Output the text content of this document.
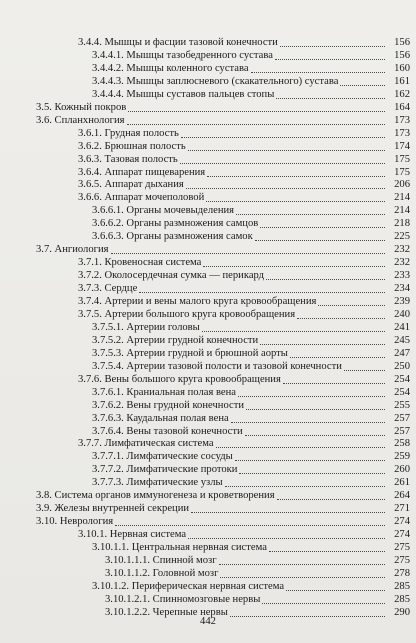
3.4.4. Мышцы и фасции тазовой конечности	156
3.4.4.1. Мышцы тазобедренного сустава	156
3.4.4.2. Мышцы коленного сустава	160
3.4.4.3. Мышцы заплюсневого (скакательного) сустава	161
3.4.4.4. Мышцы суставов пальцев стопы	162
3.5. Кожный покров	164
3.6. Спланхнология	173
3.6.1. Грудная полость	173
3.6.2. Брюшная полость	174
3.6.3. Тазовая полость	175
3.6.4. Аппарат пищеварения	175
3.6.5. Аппарат дыхания	206
3.6.6. Аппарат мочеполовой	214
3.6.6.1. Органы мочевыделения	214
3.6.6.2. Органы размножения самцов	218
3.6.6.3. Органы размножения самок	225
3.7. Ангиология	232
3.7.1. Кровеносная система	232
3.7.2. Околосердечная сумка — перикард	233
3.7.3. Сердце	234
3.7.4. Артерии и вены малого круга кровообращения	239
3.7.5. Артерии большого круга кровообращения	240
3.7.5.1. Артерии головы	241
3.7.5.2. Артерии грудной конечности	245
3.7.5.3. Артерии грудной и брюшной аорты	247
3.7.5.4. Артерии тазовой полости и тазовой конечности	250
3.7.6. Вены большого круга кровообращения	254
3.7.6.1. Краниальная полая вена	254
3.7.6.2. Вены грудной конечности	255
3.7.6.3. Каудальная полая вена	257
3.7.6.4. Вены тазовой конечности	257
3.7.7. Лимфатическая система	258
3.7.7.1. Лимфатические сосуды	259
3.7.7.2. Лимфатические протоки	260
3.7.7.3. Лимфатические узлы	261
3.8. Система органов иммуногенеза и кроветворения	264
3.9. Железы внутренней секреции	271
3.10. Неврология	274
3.10.1. Нервная система	274
3.10.1.1. Центральная нервная система	275
3.10.1.1.1. Спинной мозг	275
3.10.1.1.2. Головной мозг	278
3.10.1.2. Периферическая нервная система	285
3.10.1.2.1. Спинномозговые нервы	285
3.10.1.2.2. Черепные нервы	290
442
